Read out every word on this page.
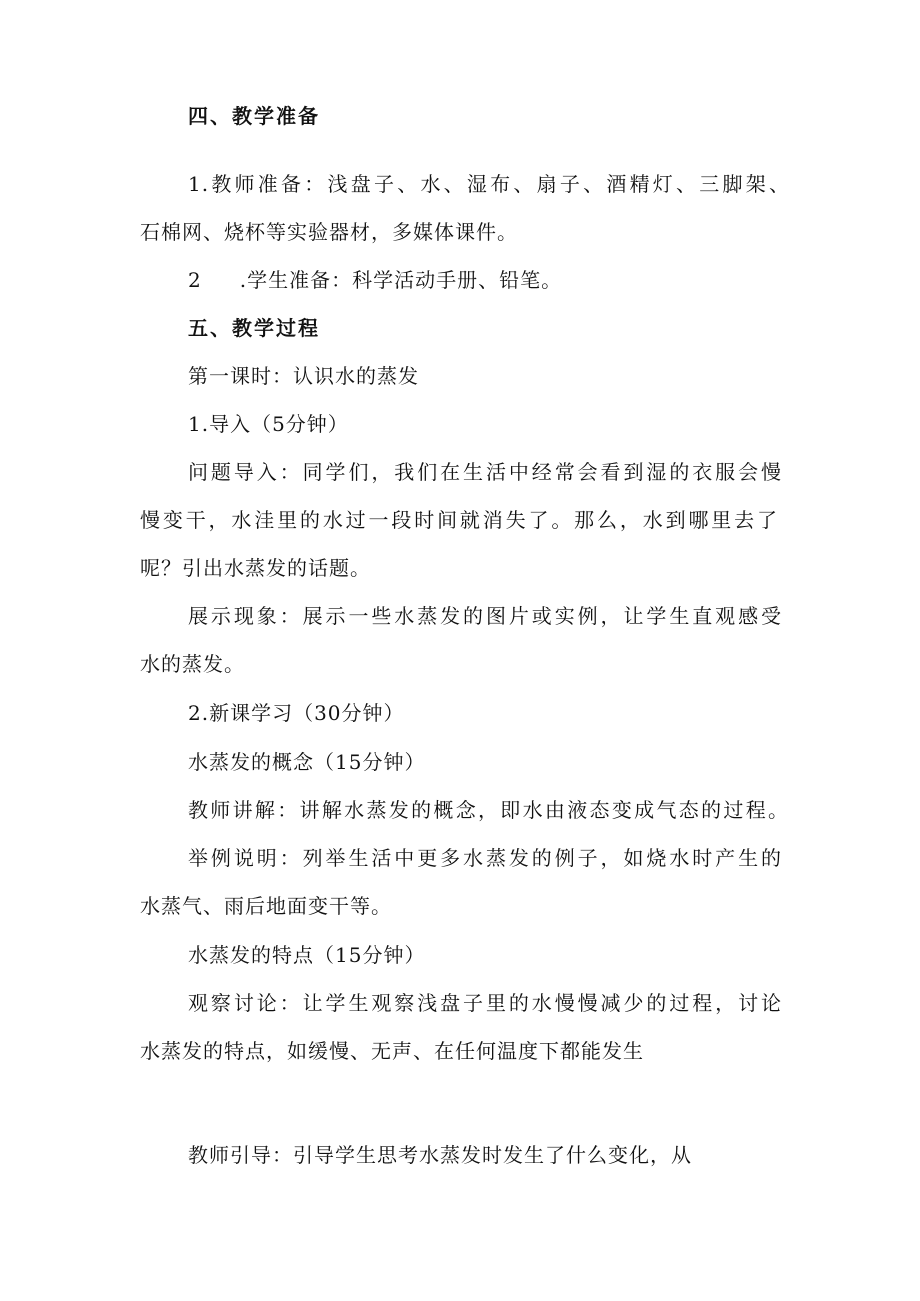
四、教学准备
1.教师准备：浅盘子、水、湿布、扇子、酒精灯、三脚架、
石棉网、烧杯等实验器材，多媒体课件。
2 .学生准备：科学活动手册、铅笔。
五、教学过程
第一课时：认识水的蒸发
1.导入（5分钟）
问题导入：同学们，我们在生活中经常会看到湿的衣服会慢
慢变干，水洼里的水过一段时间就消失了。那么，水到哪里去了
呢？引出水蒸发的话题。
展示现象：展示一些水蒸发的图片或实例，让学生直观感受
水的蒸发。
2.新课学习（30分钟）
水蒸发的概念（15分钟）
教师讲解：讲解水蒸发的概念，即水由液态变成气态的过程。
举例说明：列举生活中更多水蒸发的例子，如烧水时产生的
水蒸气、雨后地面变干等。
水蒸发的特点（15分钟）
观察讨论：让学生观察浅盘子里的水慢慢减少的过程，讨论
水蒸发的特点，如缓慢、无声、在任何温度下都能发生
教师引导：引导学生思考水蒸发时发生了什么变化，从
